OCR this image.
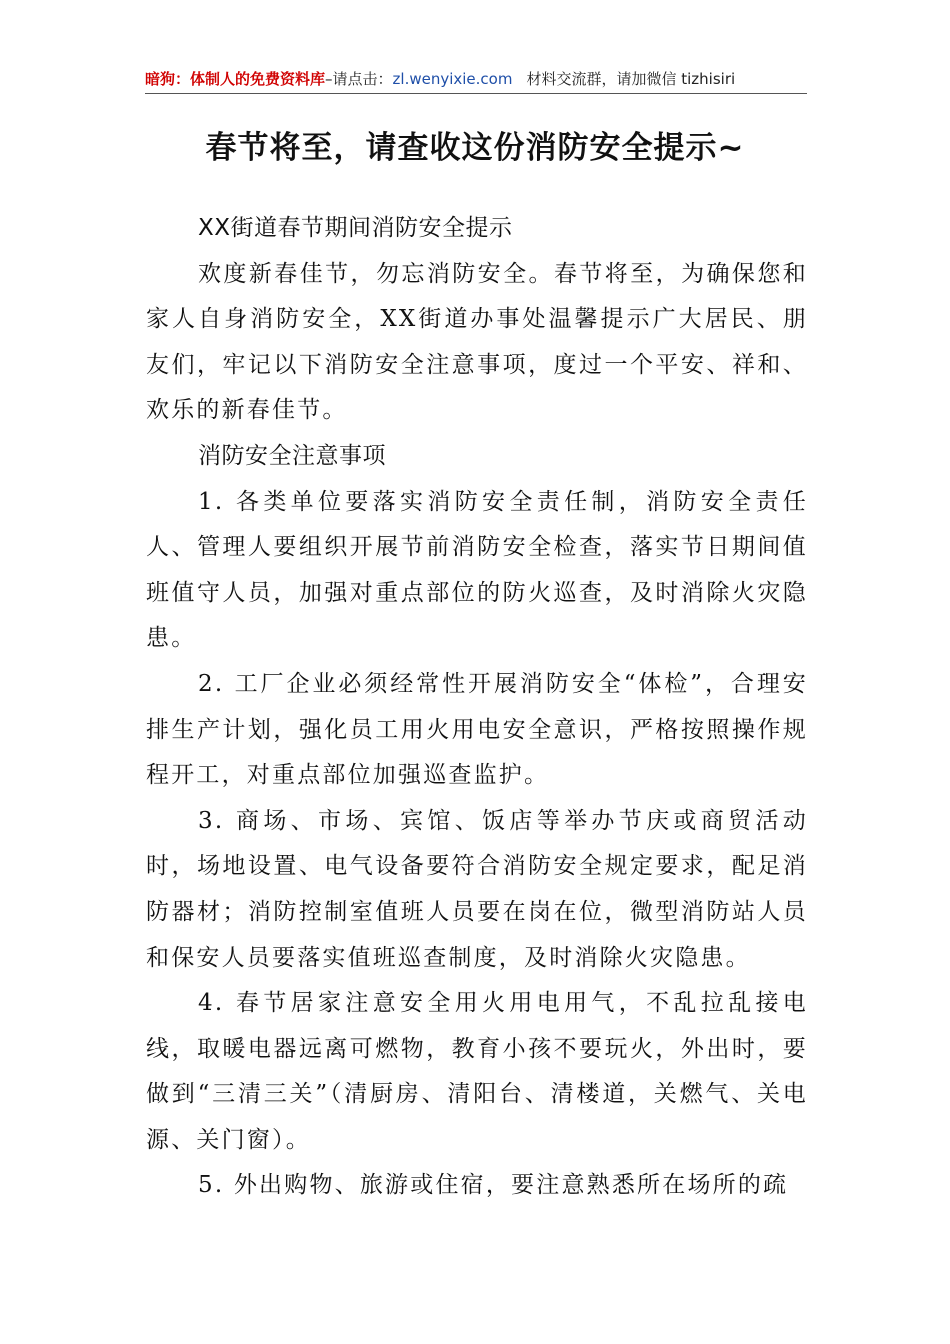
暗狗：体制人的免费资料库–请点击：zl.wenyixie.com 材料交流群，请加微信 tizhisiri
春节将至，请查收这份消防安全提示~

XX街道春节期间消防安全提示

欢度新春佳节，勿忘消防安全。春节将至，为确保您和家人自身消防安全，XX街道办事处温馨提示广大居民、朋友们，牢记以下消防安全注意事项，度过一个平安、祥和、欢乐的新春佳节。

消防安全注意事项

1. 各类单位要落实消防安全责任制，消防安全责任人、管理人要组织开展节前消防安全检查，落实节日期间值班值守人员，加强对重点部位的防火巡查，及时消除火灾隐患。

2. 工厂企业必须经常性开展消防安全“体检”，合理安排生产计划，强化员工用火用电安全意识，严格按照操作规程开工，对重点部位加强巡查监护。

3. 商场、市场、宾馆、饭店等举办节庆或商贸活动时，场地设置、电气设备要符合消防安全规定要求，配足消防器材；消防控制室值班人员要在岗在位，微型消防站人员和保安人员要落实值班巡查制度，及时消除火灾隐患。

4. 春节居家注意安全用火用电用气，不乱拉乱接电线，取暖电器远离可燃物，教育小孩不要玩火，外出时，要做到“三清三关”（清厨房、清阳台、清楼道，关燃气、关电源、关门窗）。

5. 外出购物、旅游或住宿，要注意熟悉所在场所的疏
